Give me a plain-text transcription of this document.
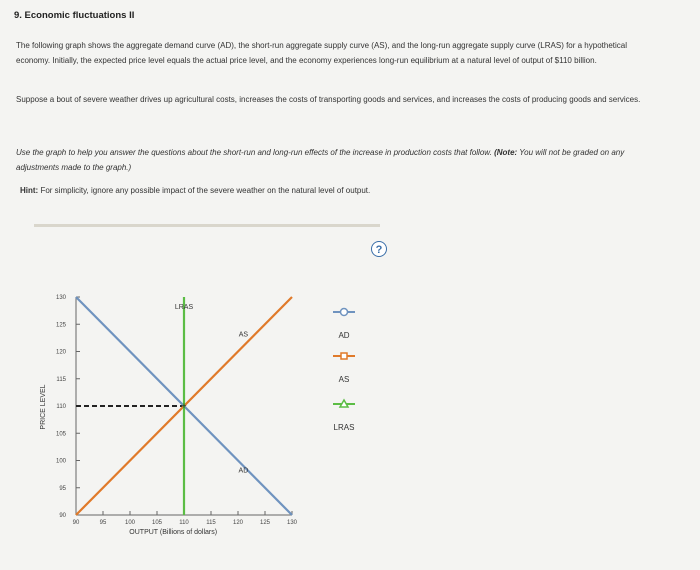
9. Economic fluctuations II
The following graph shows the aggregate demand curve (AD), the short-run aggregate supply curve (AS), and the long-run aggregate supply curve (LRAS) for a hypothetical economy. Initially, the expected price level equals the actual price level, and the economy experiences long-run equilibrium at a natural level of output of $110 billion.
Suppose a bout of severe weather drives up agricultural costs, increases the costs of transporting goods and services, and increases the costs of producing goods and services.
Use the graph to help you answer the questions about the short-run and long-run effects of the increase in production costs that follow. (Note: You will not be graded on any adjustments made to the graph.)
Hint: For simplicity, ignore any possible impact of the severe weather on the natural level of output.
?
90
95
100
105
110
115
120
125
130
90	95	100	105	110	115	120	125	130
OUTPUT (Billions of dollars)
PRICE LEVEL	+
LRAS
AS
AD
AD
AS
LRAS
